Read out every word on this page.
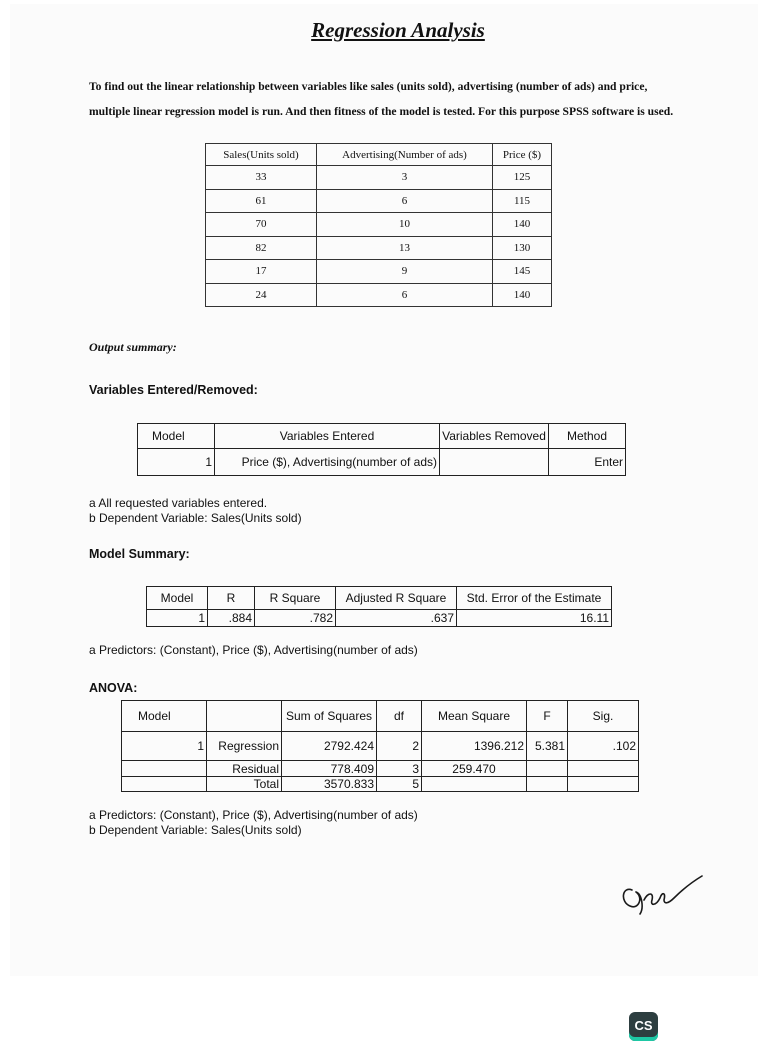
Regression Analysis

To find out the linear relationship between variables like sales (units sold), advertising (number of ads) and price, multiple linear regression model is run. And then fitness of the model is tested. For this purpose SPSS software is used.

Sales(Units sold)	Advertising(Number of ads)	Price ($)
33	3	125
61	6	115
70	10	140
82	13	130
17	9	145
24	6	140
Output summary:
Variables Entered/Removed:
Model	Variables Entered	Variables Removed	Method
1	Price ($), Advertising(number of ads)		Enter

a All requested variables entered.

b Dependent Variable: Sales(Units sold)

Model Summary:
Model	R	R Square	Adjusted R Square	Std. Error of the Estimate
1	.884	.782	.637	16.11

a Predictors: (Constant), Price ($), Advertising(number of ads)

ANOVA:
Model		Sum of Squares	df	Mean Square	F	Sig.
1	Regression	2792.424	2	1396.212	5.381	.102
	Residual	778.409	3	259.470		
	Total	3570.833	5			

a Predictors: (Constant), Price ($), Advertising(number of ads)

b Dependent Variable: Sales(Units sold)

CS
